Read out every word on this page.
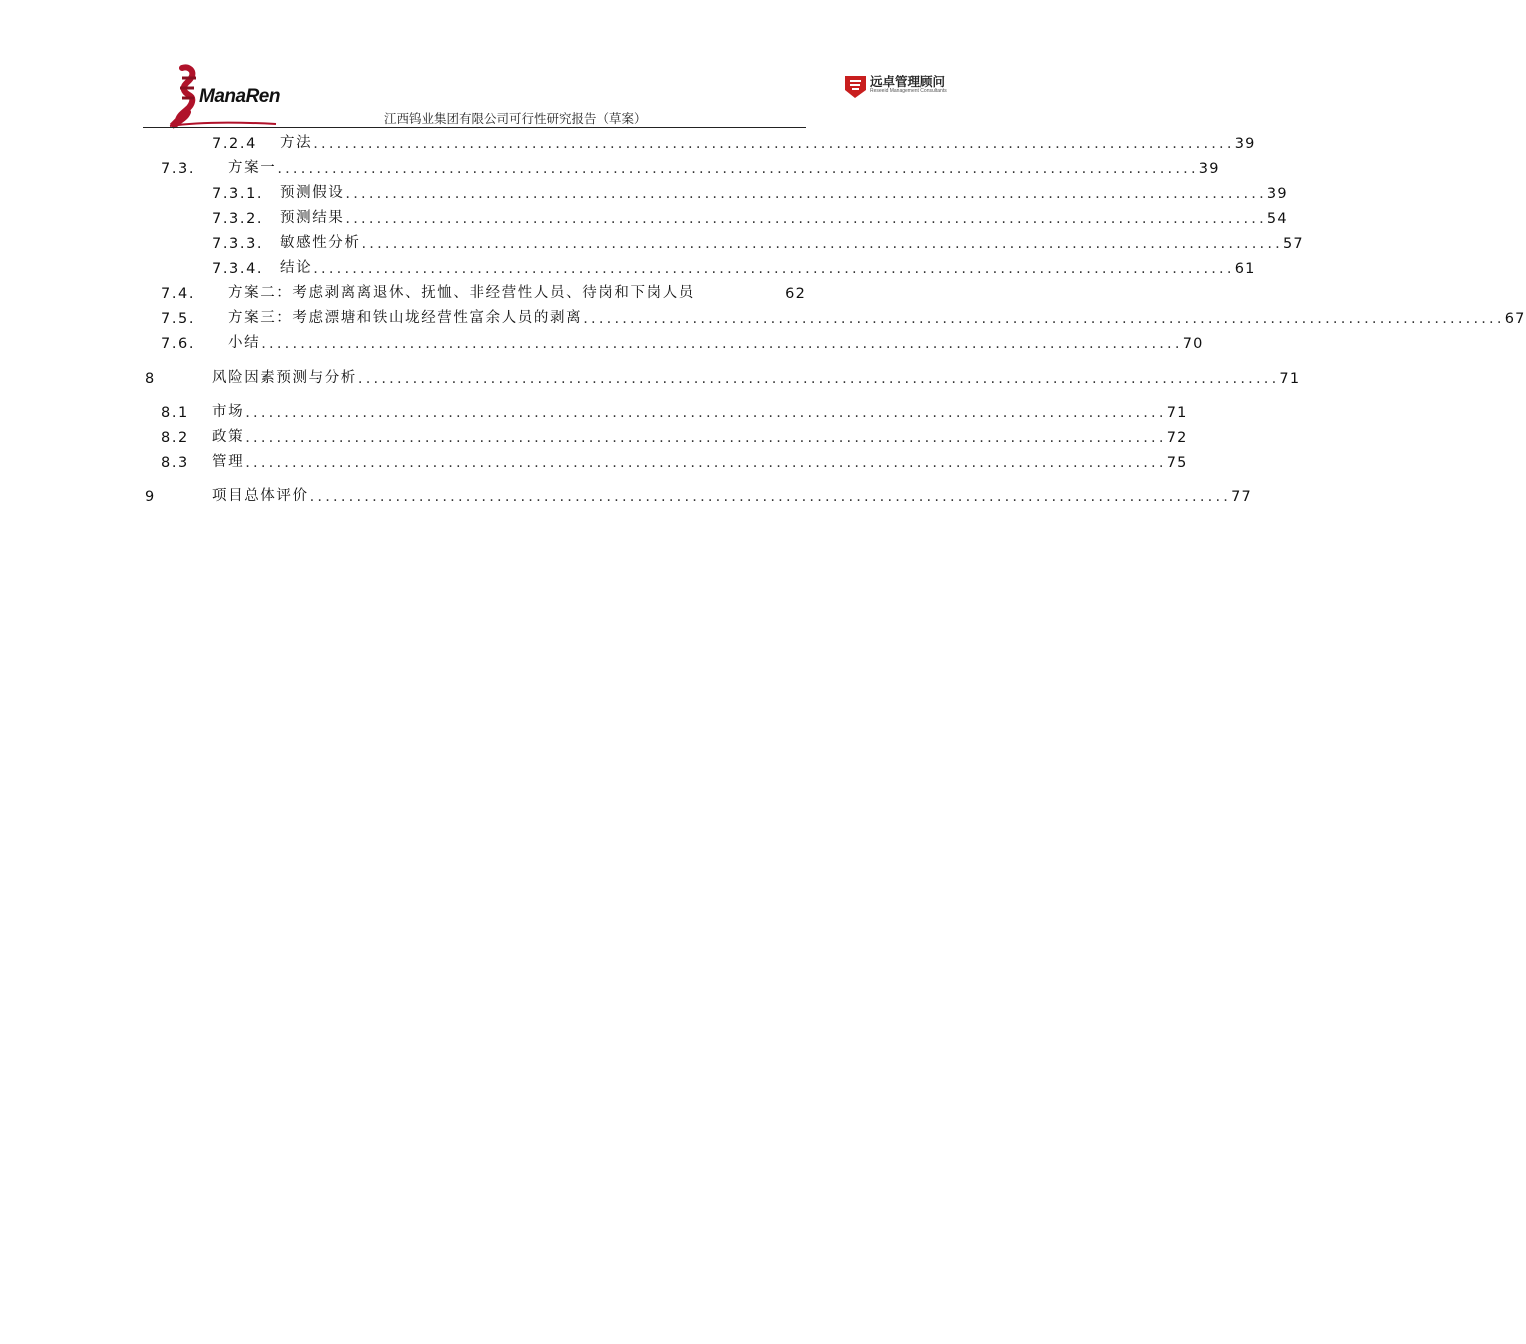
ManaRen
远卓管理顾问
Reseeid Management Consultants
江西钨业集团有限公司可行性研究报告（草案）
7.2.4	方法 ...................................................................................................................... 39
7.3.	方案一 ...................................................................................................................... 39
7.3.1.	预测假设 ...................................................................................................................... 39
7.3.2.	预测结果 ...................................................................................................................... 54
7.3.3.	敏感性分析 ...................................................................................................................... 57
7.3.4.	结论 ...................................................................................................................... 61
7.4.	方案二：考虑剥离离退休、抚恤、非经营性人员、待岗和下岗人员	62
7.5.	方案三：考虑漂塘和铁山垅经营性富余人员的剥离 ...................................................................................................................... 67
7.6.	小结 ...................................................................................................................... 70
8	风险因素预测与分析 ...................................................................................................................... 71
8.1	市场 ...................................................................................................................... 71
8.2	政策 ...................................................................................................................... 72
8.3	管理 ...................................................................................................................... 75
9	项目总体评价 ...................................................................................................................... 77
